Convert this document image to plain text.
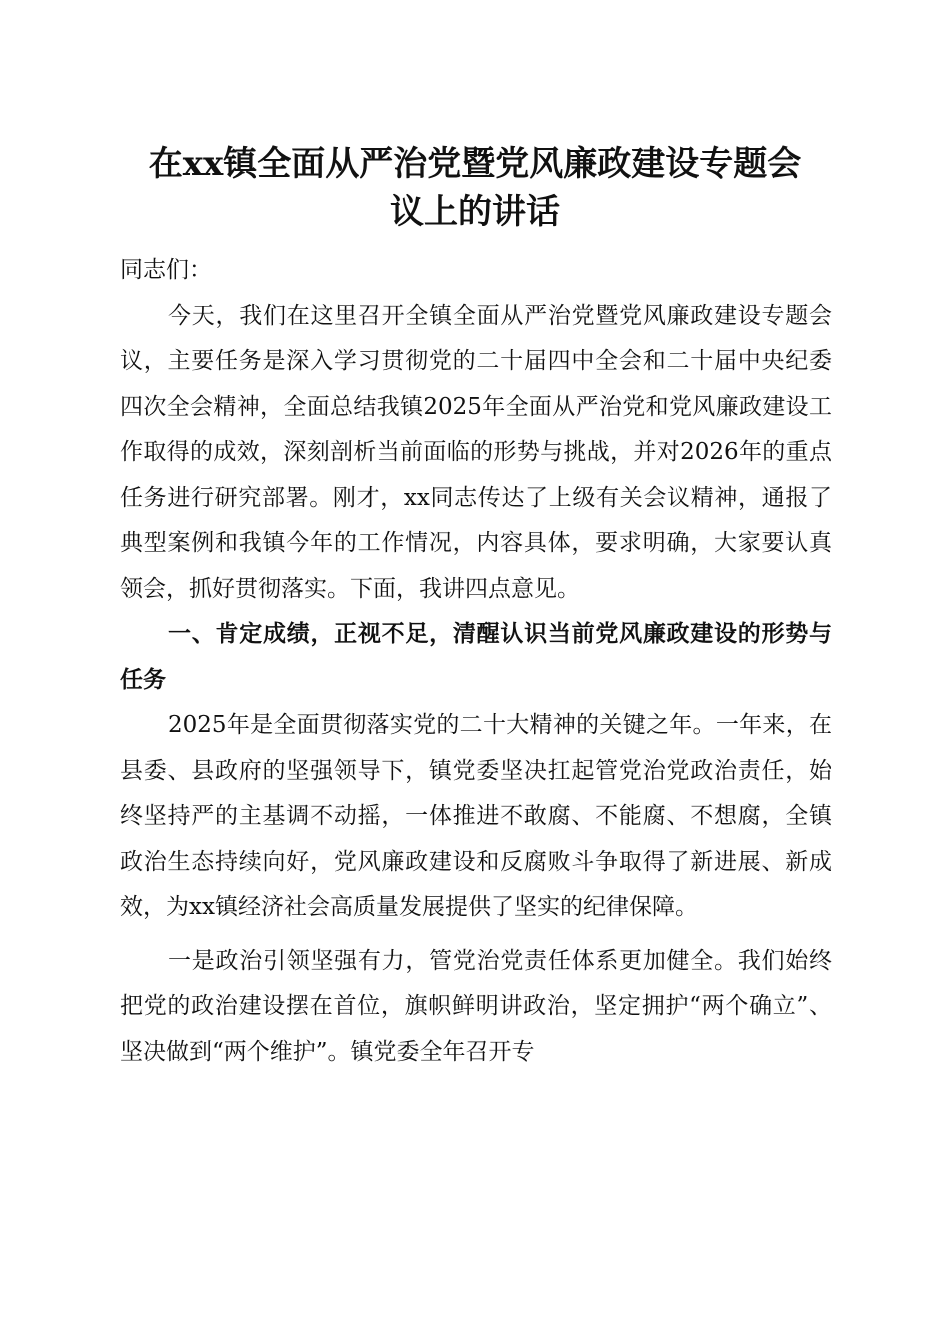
在xx镇全面从严治党暨党风廉政建设专题会
议上的讲话

同志们：

今天，我们在这里召开全镇全面从严治党暨党风廉政建设专题会议，主要任务是深入学习贯彻党的二十届四中全会和二十届中央纪委四次全会精神，全面总结我镇2025年全面从严治党和党风廉政建设工作取得的成效，深刻剖析当前面临的形势与挑战，并对2026年的重点任务进行研究部署。刚才，xx同志传达了上级有关会议精神，通报了典型案例和我镇今年的工作情况，内容具体，要求明确，大家要认真领会，抓好贯彻落实。下面，我讲四点意见。

一、肯定成绩，正视不足，清醒认识当前党风廉政建设的形势与任务

2025年是全面贯彻落实党的二十大精神的关键之年。一年来，在县委、县政府的坚强领导下，镇党委坚决扛起管党治党政治责任，始终坚持严的主基调不动摇，一体推进不敢腐、不能腐、不想腐，全镇政治生态持续向好，党风廉政建设和反腐败斗争取得了新进展、新成效，为xx镇经济社会高质量发展提供了坚实的纪律保障。

一是政治引领坚强有力，管党治党责任体系更加健全。我们始终把党的政治建设摆在首位，旗帜鲜明讲政治，坚定拥护“两个确立”、坚决做到“两个维护”。镇党委全年召开专
